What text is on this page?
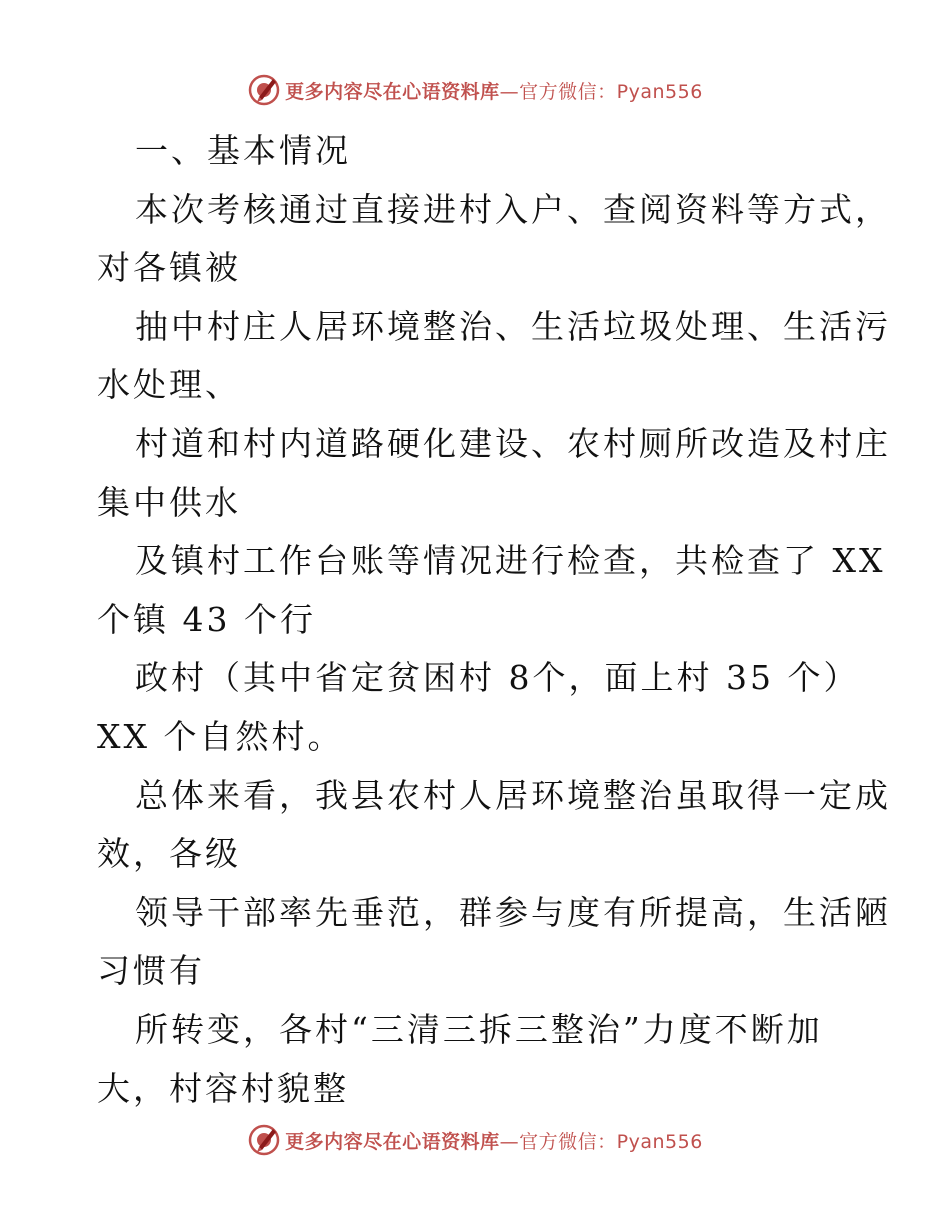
更多内容尽在心语资料库—官方微信：Pyan556
一、基本情况
本次考核通过直接进村入户、查阅资料等方式，
对各镇被
抽中村庄人居环境整治、生活垃圾处理、生活污
水处理、
村道和村内道路硬化建设、农村厕所改造及村庄
集中供水
及镇村工作台账等情况进行检查，共检查了 XX
个镇 43 个行
政村（其中省定贫困村 8个，面上村 35 个）
XX 个自然村。
总体来看，我县农村人居环境整治虽取得一定成
效，各级
领导干部率先垂范，群参与度有所提高，生活陋
习惯有
所转变，各村“三清三拆三整治”力度不断加
大，村容村貌整
更多内容尽在心语资料库—官方微信：Pyan556
